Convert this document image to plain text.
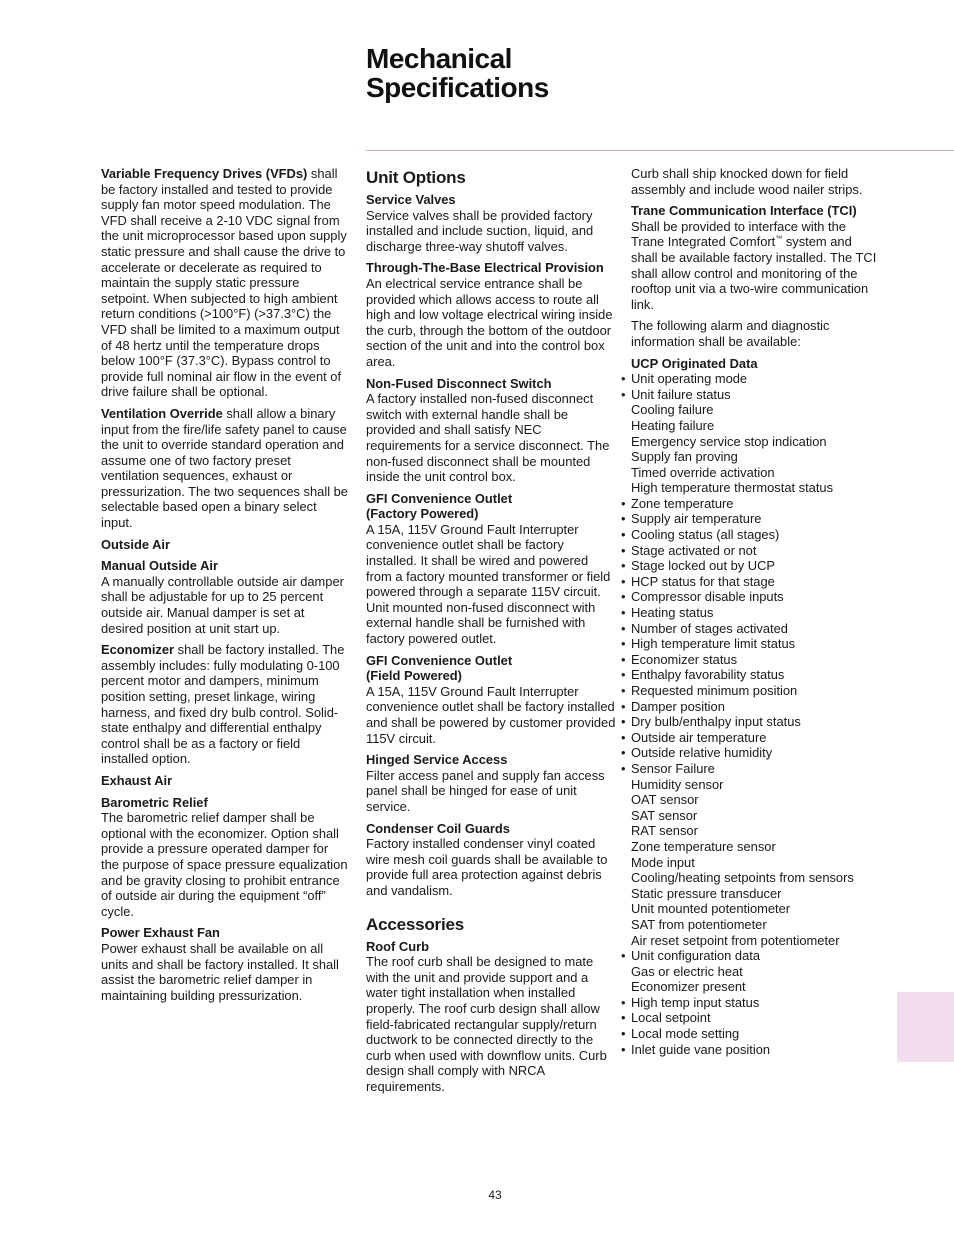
Mechanical
Specifications

Variable Frequency Drives (VFDs) shall be factory installed and tested to provide supply fan motor speed modulation. The VFD shall receive a 2-10 VDC signal from the unit microprocessor based upon supply static pressure and shall cause the drive to accelerate or decelerate as required to maintain the supply static pressure setpoint. When subjected to high ambient return conditions (>100°F) (>37.3°C) the VFD shall be limited to a maximum output of 48 hertz until the temperature drops below 100°F (37.3°C). Bypass control to provide full nominal air flow in the event of drive failure shall be optional.

Ventilation Override shall allow a binary input from the fire/life safety panel to cause the unit to override standard operation and assume one of two factory preset ventilation sequences, exhaust or pressurization. The two sequences shall be selectable based open a binary select input.

Outside Air

Manual Outside Air

A manually controllable outside air damper shall be adjustable for up to 25 percent outside air. Manual damper is set at desired position at unit start up.

Economizer shall be factory installed. The assembly includes: fully modulating 0-100 percent motor and dampers, minimum position setting, preset linkage, wiring harness, and fixed dry bulb control. Solid-state enthalpy and differential enthalpy control shall be as a factory or field installed option.

Exhaust Air

Barometric Relief

The barometric relief damper shall be optional with the economizer. Option shall provide a pressure operated damper for the purpose of space pressure equalization and be gravity closing to prohibit entrance of outside air during the equipment “off” cycle.

Power Exhaust Fan

Power exhaust shall be available on all units and shall be factory installed. It shall assist the barometric relief damper in maintaining building pressurization.

Unit Options

Service Valves

Service valves shall be provided factory installed and include suction, liquid, and discharge three-way shutoff valves.

Through-The-Base Electrical Provision

An electrical service entrance shall be provided which allows access to route all high and low voltage electrical wiring inside the curb, through the bottom of the outdoor section of the unit and into the control box area.

Non-Fused Disconnect Switch

A factory installed non-fused disconnect switch with external handle shall be provided and shall satisfy NEC requirements for a service disconnect. The non-fused disconnect shall be mounted inside the unit control box.

GFI Convenience Outlet

(Factory Powered)

A 15A, 115V Ground Fault Interrupter convenience outlet shall be factory installed. It shall be wired and powered from a factory mounted transformer or field powered through a separate 115V circuit. Unit mounted non-fused disconnect with external handle shall be furnished with factory powered outlet.

GFI Convenience Outlet

(Field Powered)

A 15A, 115V Ground Fault Interrupter convenience outlet shall be factory installed and shall be powered by customer provided 115V circuit.

Hinged Service Access

Filter access panel and supply fan access panel shall be hinged for ease of unit service.

Condenser Coil Guards

Factory installed condenser vinyl coated wire mesh coil guards shall be available to provide full area protection against debris and vandalism.

Accessories

Roof Curb

The roof curb shall be designed to mate with the unit and provide support and a water tight installation when installed properly. The roof curb design shall allow field-fabricated rectangular supply/return ductwork to be connected directly to the curb when used with downflow units. Curb design shall comply with NRCA requirements.

Curb shall ship knocked down for field assembly and include wood nailer strips.

Trane Communication Interface (TCI)

Shall be provided to interface with the Trane Integrated Comfort™ system and shall be available factory installed. The TCI shall allow control and monitoring of the rooftop unit via a two-wire communication link.

The following alarm and diagnostic information shall be available:

UCP Originated Data

• Unit operating mode
• Unit failure status
Cooling failure
Heating failure
Emergency service stop indication
Supply fan proving
Timed override activation
High temperature thermostat status
• Zone temperature
• Supply air temperature
• Cooling status (all stages)
• Stage activated or not
• Stage locked out by UCP
• HCP status for that stage
• Compressor disable inputs
• Heating status
• Number of stages activated
• High temperature limit status
• Economizer status
• Enthalpy favorability status
• Requested minimum position
• Damper position
• Dry bulb/enthalpy input status
• Outside air temperature
• Outside relative humidity
• Sensor Failure
Humidity sensor
OAT sensor
SAT sensor
RAT sensor
Zone temperature sensor
Mode input
Cooling/heating setpoints from sensors
Static pressure transducer
Unit mounted potentiometer
SAT from potentiometer
Air reset setpoint from potentiometer
• Unit configuration data
Gas or electric heat
Economizer present
• High temp input status
• Local setpoint
• Local mode setting
• Inlet guide vane position
43
